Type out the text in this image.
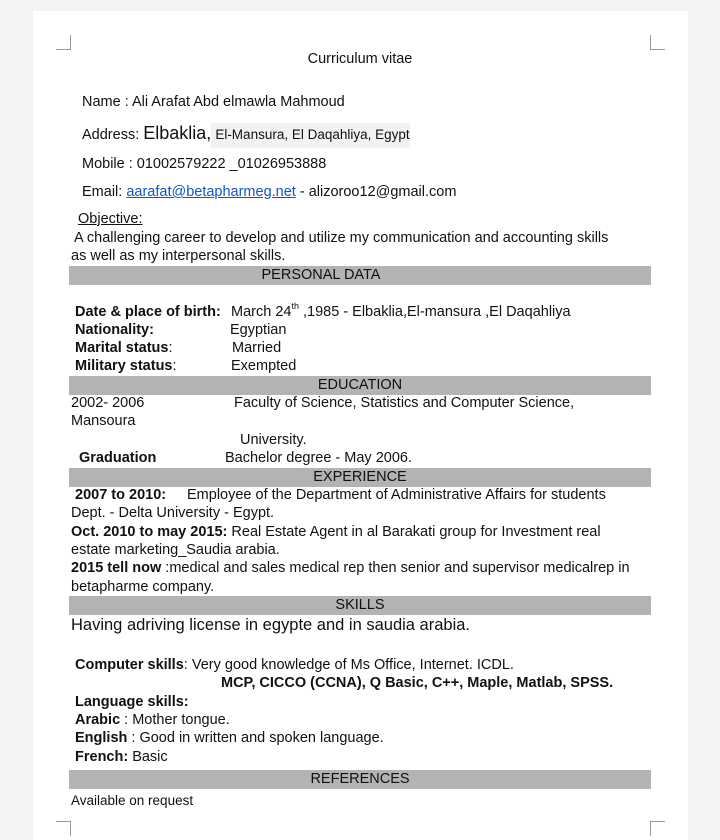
Curriculum vitae
Name : Ali Arafat Abd elmawla Mahmoud
Address: Elbaklia, El-Mansura, El Daqahliya, Egypt
Mobile : 01002579222 _01026953888
Email: aarafat@betapharmeg.net - alizoroo12@gmail.com
Objective:
A challenging career to develop and utilize my communication and accounting skills
as well as my interpersonal skills.
PERSONAL DATA
Date & place of birth: March 24th ,1985 - Elbaklia,El-mansura ,El Daqahliya
Nationality:	Egyptian
Marital status:	Married
Military status:	Exempted
EDUCATION
2002- 2006	Faculty of Science, Statistics and Computer Science,
Mansoura
University.
Graduation	Bachelor degree - May 2006.
EXPERIENCE
2007 to 2010: Employee of the Department of Administrative Affairs for students
Dept. - Delta University - Egypt.
Oct. 2010 to may 2015: Real Estate Agent in al Barakati group for Investment real
estate marketing_Saudia arabia.
2015 tell now :medical and sales medical rep then senior and supervisor medicalrep in
betapharme company.
SKILLS
Having adriving license in egypte and in saudia arabia.
Computer skills: Very good knowledge of Ms Office, Internet. ICDL.
MCP, CICCO (CCNA), Q Basic, C++, Maple, Matlab, SPSS.
Language skills:
Arabic : Mother tongue.
English : Good in written and spoken language.
French: Basic
REFERENCES
Available on request
